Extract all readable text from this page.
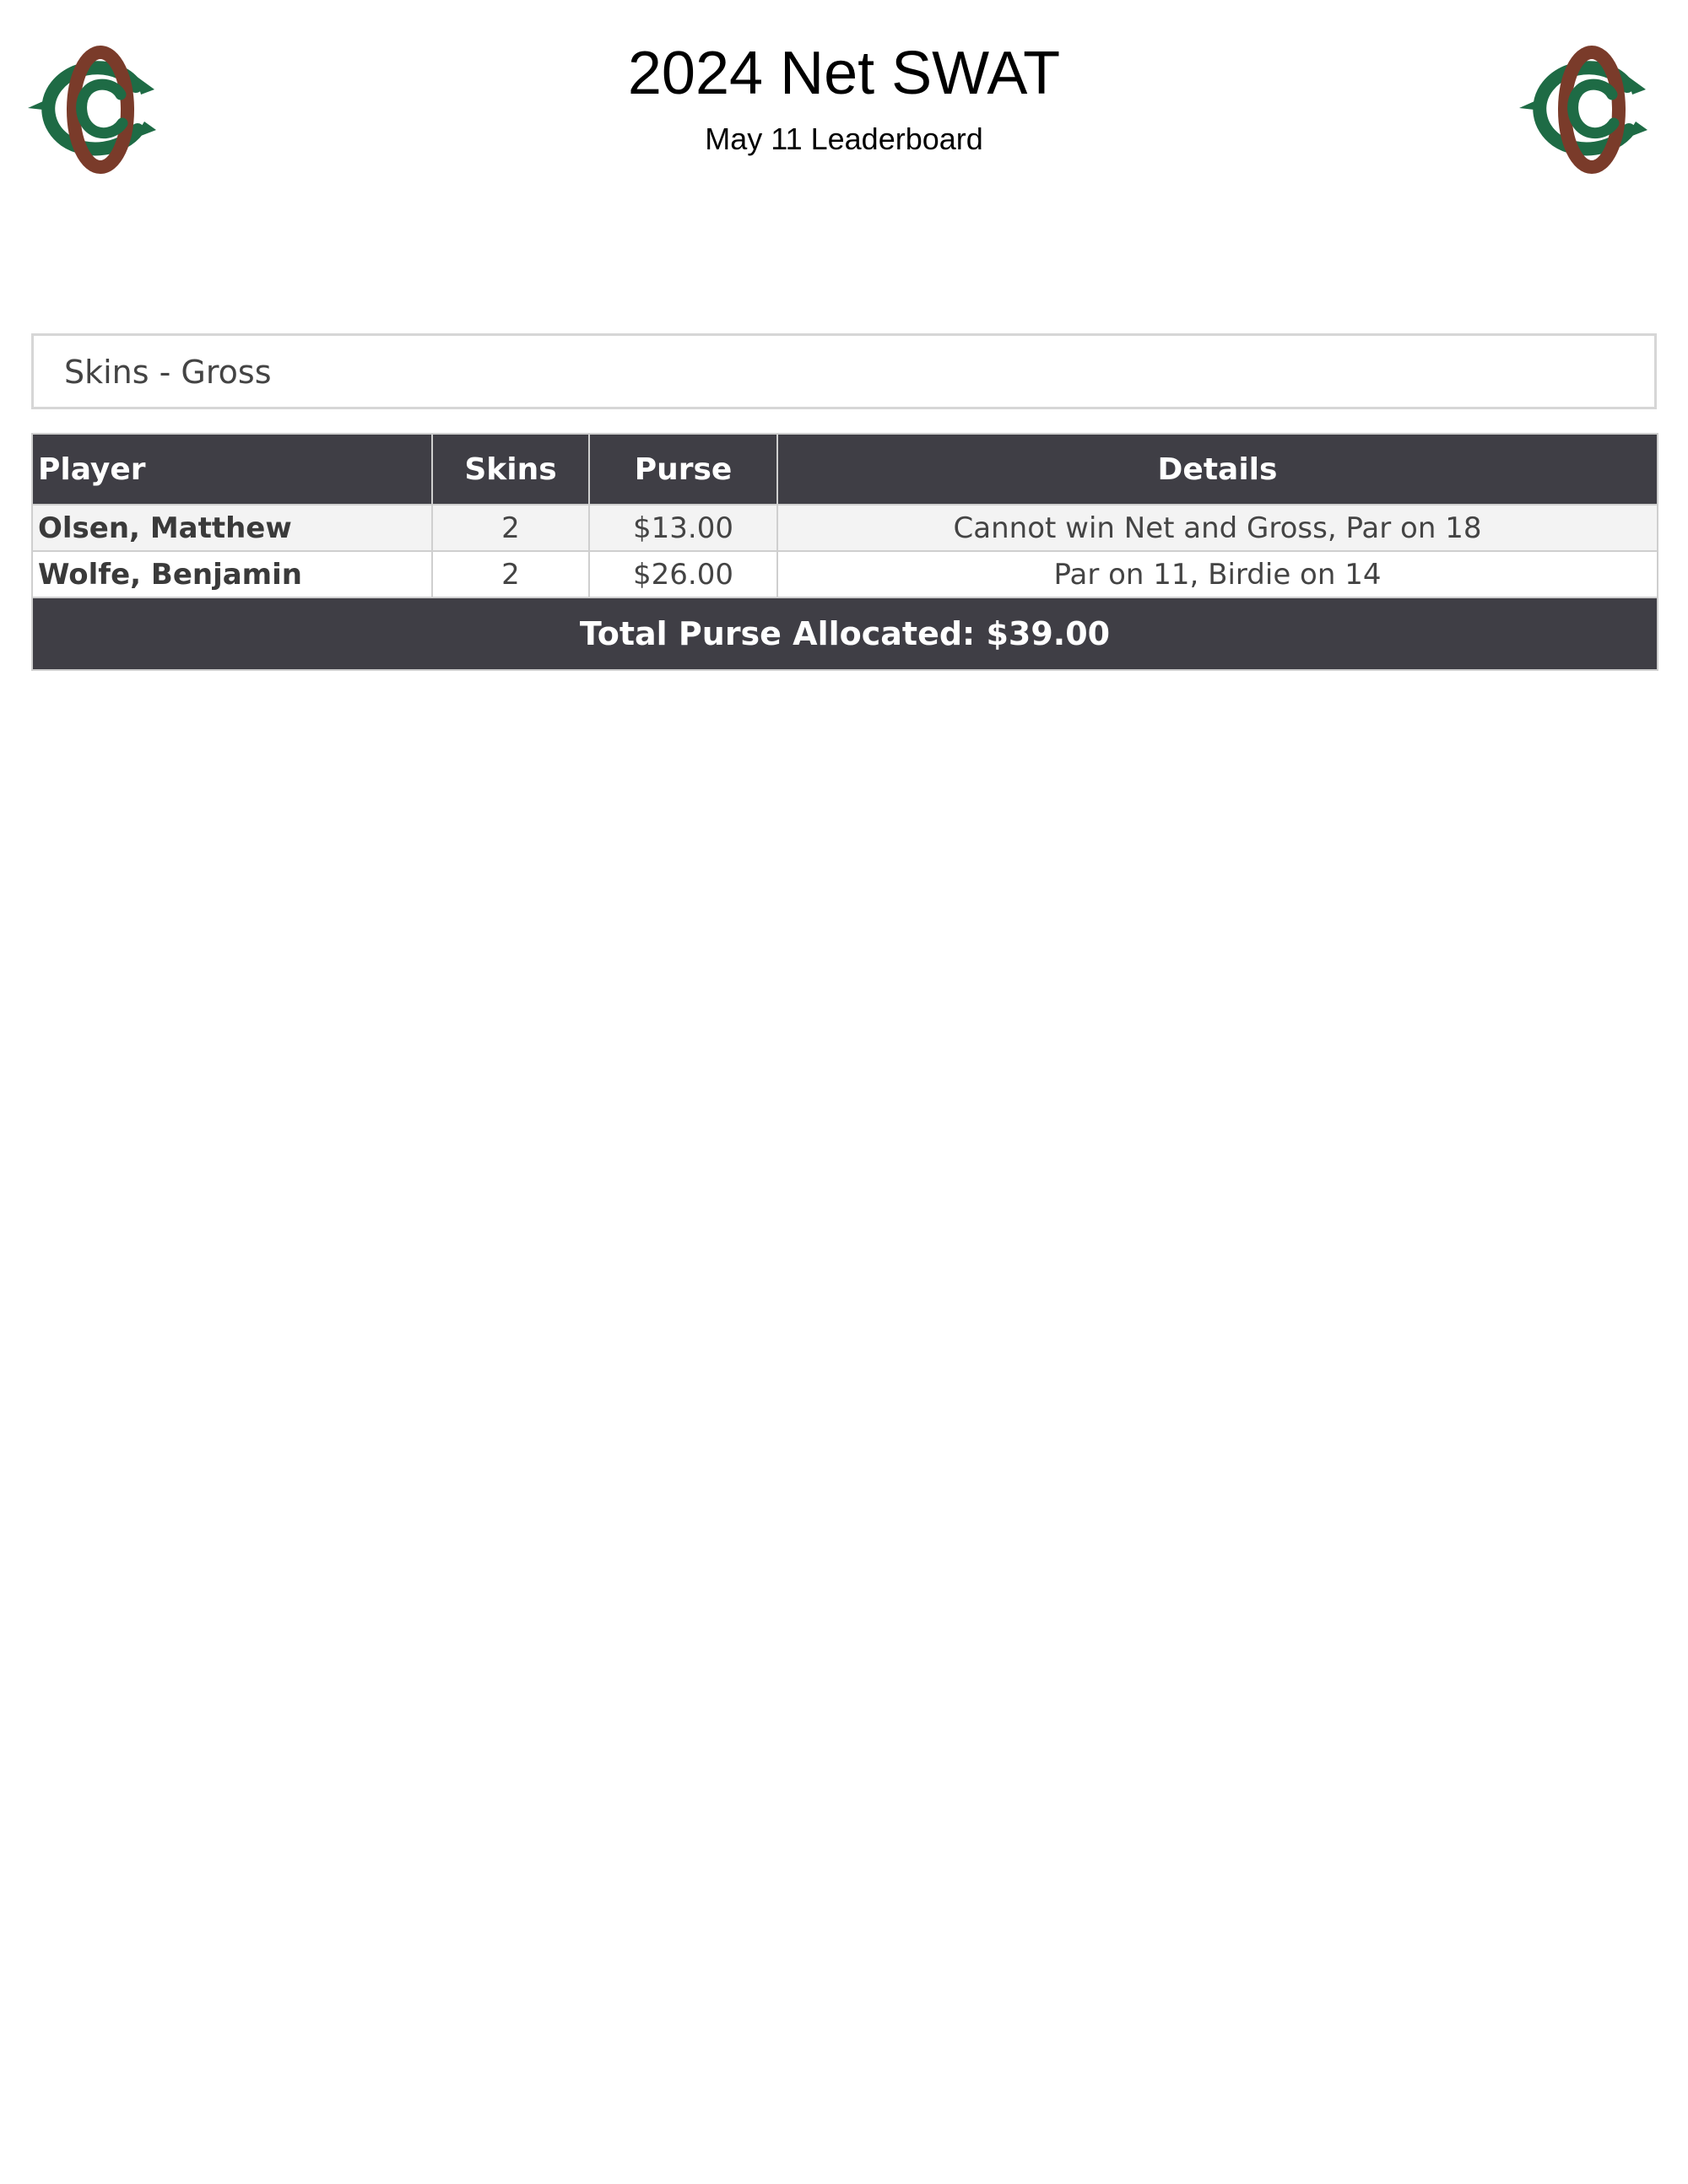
2024 Net SWAT
May 11 Leaderboard
Skins - Gross
Player	Skins	Purse	Details
Olsen, Matthew	2	$13.00	Cannot win Net and Gross, Par on 18
Wolfe, Benjamin	2	$26.00	Par on 11, Birdie on 14
Total Purse Allocated: $39.00			
